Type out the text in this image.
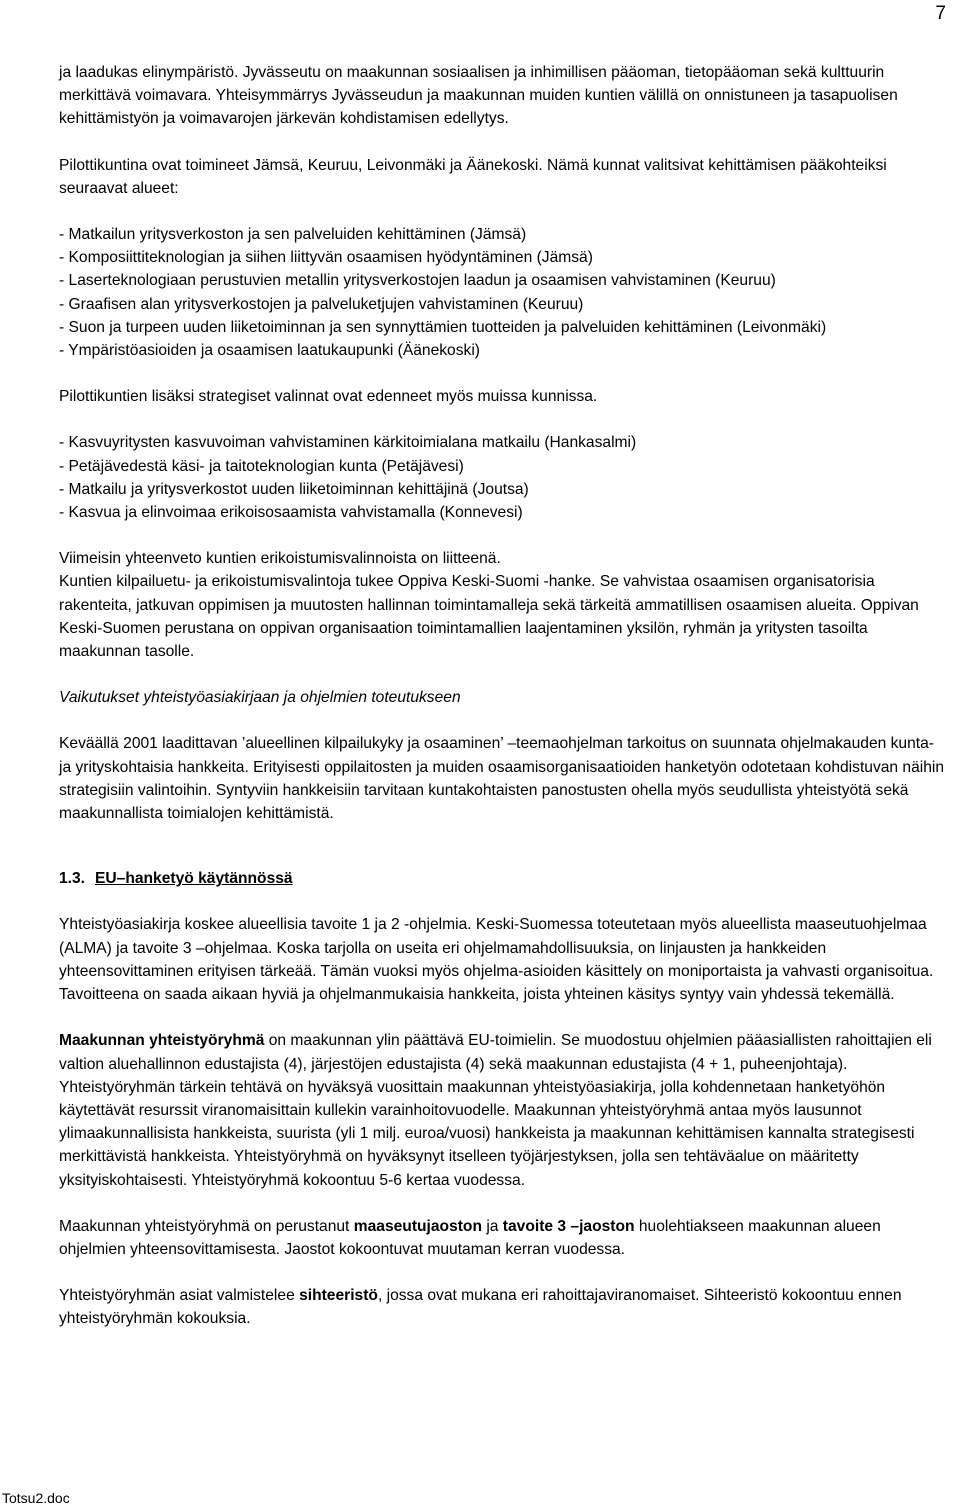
7

ja laadukas elinympäristö. Jyvässeutu on maakunnan sosiaalisen ja inhimillisen pääoman, tietopääoman sekä kulttuurin merkittävä voimavara. Yhteisymmärrys Jyvässeudun ja maakunnan muiden kuntien välillä on onnistuneen ja tasapuolisen kehittämistyön ja voimavarojen järkevän kohdistamisen edellytys.

Pilottikuntina ovat toimineet Jämsä, Keuruu, Leivonmäki ja Äänekoski. Nämä kunnat valitsivat kehittämisen pääkohteiksi seuraavat alueet:

- Matkailun yritysverkoston ja sen palveluiden kehittäminen (Jämsä)

- Komposiittiteknologian ja siihen liittyvän osaamisen hyödyntäminen (Jämsä)

- Laserteknologiaan perustuvien metallin yritysverkostojen laadun ja osaamisen vahvistaminen (Keuruu)

- Graafisen alan yritysverkostojen ja palveluketjujen vahvistaminen (Keuruu)

- Suon ja turpeen uuden liiketoiminnan ja sen synnyttämien tuotteiden ja palveluiden kehittäminen (Leivonmäki)

- Ympäristöasioiden ja osaamisen laatukaupunki (Äänekoski)

Pilottikuntien lisäksi strategiset valinnat ovat edenneet myös muissa kunnissa.

- Kasvuyritysten kasvuvoiman vahvistaminen kärkitoimialana matkailu (Hankasalmi)

- Petäjävedestä käsi- ja taitoteknologian kunta (Petäjävesi)

- Matkailu ja yritysverkostot uuden liiketoiminnan kehittäjinä (Joutsa)

- Kasvua ja elinvoimaa erikoisosaamista vahvistamalla (Konnevesi)

Viimeisin yhteenveto kuntien erikoistumisvalinnoista on liitteenä.

Kuntien kilpailuetu- ja erikoistumisvalintoja tukee Oppiva Keski-Suomi -hanke. Se vahvistaa osaamisen organisatorisia rakenteita, jatkuvan oppimisen ja muutosten hallinnan toimintamalleja sekä tärkeitä ammatillisen osaamisen alueita. Oppivan Keski-Suomen perustana on oppivan organisaation toimintamallien laajentaminen yksilön, ryhmän ja yritysten tasoilta maakunnan tasolle.

Vaikutukset yhteistyöasiakirjaan ja ohjelmien toteutukseen

Keväällä 2001 laadittavan ’alueellinen kilpailukyky ja osaaminen’ –teemaohjelman tarkoitus on suunnata ohjelmakauden kunta- ja yrityskohtaisia hankkeita. Erityisesti oppilaitosten ja muiden osaamisorganisaatioiden hanketyön odotetaan kohdistuvan näihin strategisiin valintoihin. Syntyviin hankkeisiin tarvitaan kuntakohtaisten panostusten ohella myös seudullista yhteistyötä sekä maakunnallista toimialojen kehittämistä.

1.3. EU–hanketyö käytännössä

Yhteistyöasiakirja koskee alueellisia tavoite 1 ja 2 -ohjelmia. Keski-Suomessa toteutetaan myös alueellista maaseutuohjelmaa (ALMA) ja tavoite 3 –ohjelmaa. Koska tarjolla on useita eri ohjelmamahdollisuuksia, on linjausten ja hankkeiden yhteensovittaminen erityisen tärkeää. Tämän vuoksi myös ohjelma-asioiden käsittely on moniportaista ja vahvasti organisoitua. Tavoitteena on saada aikaan hyviä ja ohjelmanmukaisia hankkeita, joista yhteinen käsitys syntyy vain yhdessä tekemällä.

Maakunnan yhteistyöryhmä on maakunnan ylin päättävä EU-toimielin. Se muodostuu ohjelmien pääasiallisten rahoittajien eli valtion aluehallinnon edustajista (4), järjestöjen edustajista (4) sekä maakunnan edustajista (4 + 1, puheenjohtaja). Yhteistyöryhmän tärkein tehtävä on hyväksyä vuosittain maakunnan yhteistyöasiakirja, jolla kohdennetaan hanketyöhön käytettävät resurssit viranomaisittain kullekin varainhoitovuodelle. Maakunnan yhteistyöryhmä antaa myös lausunnot ylimaakunnallisista hankkeista, suurista (yli 1 milj. euroa/vuosi) hankkeista ja maakunnan kehittämisen kannalta strategisesti merkittävistä hankkeista. Yhteistyöryhmä on hyväksynyt itselleen työjärjestyksen, jolla sen tehtäväalue on määritetty yksityiskohtaisesti. Yhteistyöryhmä kokoontuu 5-6 kertaa vuodessa.

Maakunnan yhteistyöryhmä on perustanut maaseutujaoston ja tavoite 3 –jaoston huolehtiakseen maakunnan alueen ohjelmien yhteensovittamisesta. Jaostot kokoontuvat muutaman kerran vuodessa.

Yhteistyöryhmän asiat valmistelee sihteeristö, jossa ovat mukana eri rahoittajaviranomaiset. Sihteeristö kokoontuu ennen yhteistyöryhmän kokouksia.

Totsu2.doc
